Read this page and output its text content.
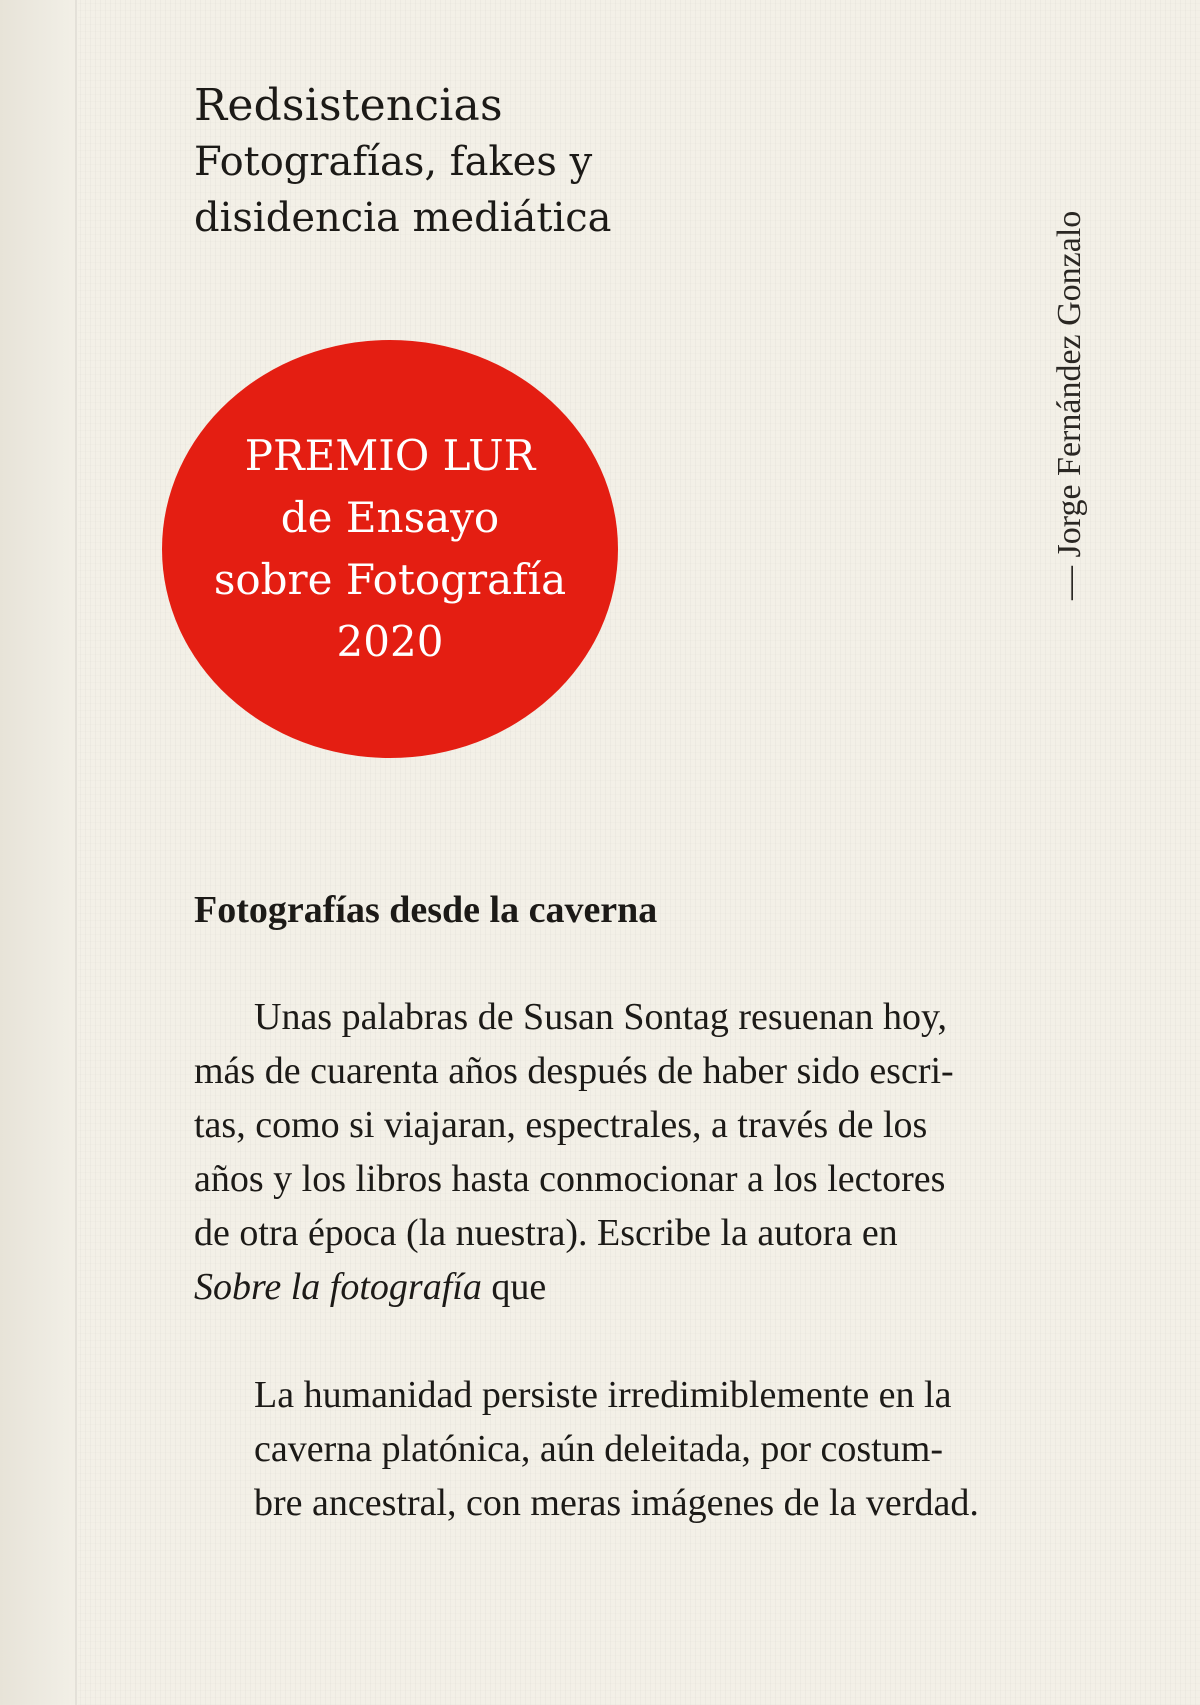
Redsistencias
Fotografías, fakes y
disidencia mediática	— Jorge Fernández Gonzalo
PREMIO LUR
de Ensayo
sobre Fotografía
2020
Fotografías desde la caverna
Unas palabras de Susan Sontag resuenan hoy,
más de cuarenta años después de haber sido escri-
tas, como si viajaran, espectrales, a través de los
años y los libros hasta conmocionar a los lectores
de otra época (la nuestra). Escribe la autora en
Sobre la fotografía que
La humanidad persiste irredimiblemente en la
caverna platónica, aún deleitada, por costum-
bre ancestral, con meras imágenes de la verdad.
